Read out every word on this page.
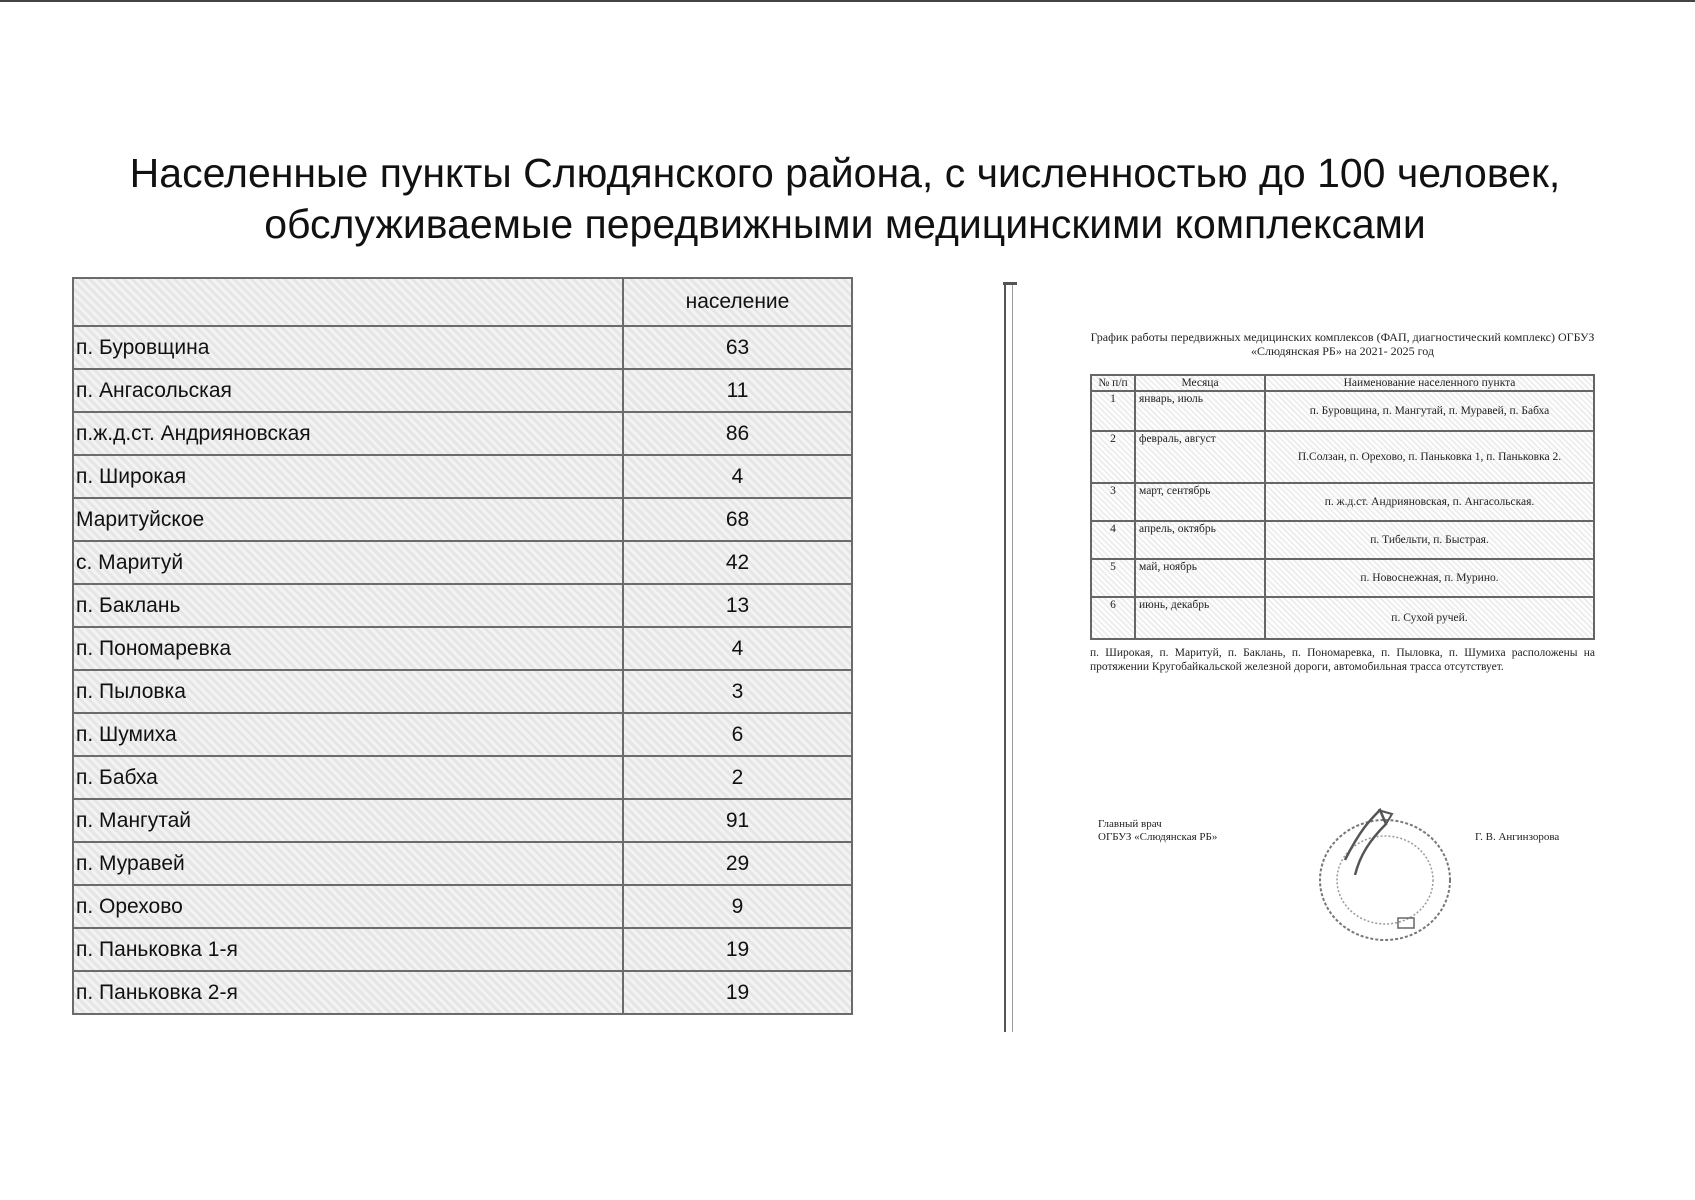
Населенные пункты Слюдянского района, с численностью до 100 человек, обслуживаемые передвижными медицинскими комплексами
	население
п. Буровщина	63
п. Ангасольская	11
п.ж.д.ст. Андрияновская	86
п. Широкая	4
Маритуйское	68
с. Маритуй	42
п. Баклань	13
п. Пономаревка	4
п. Пыловка	3
п. Шумиха	6
п. Бабха	2
п. Мангутай	91
п. Муравей	29
п. Орехово	9
п. Паньковка 1-я	19
п. Паньковка 2-я	19
График работы передвижных медицинских комплексов (ФАП, диагностический комплекс) ОГБУЗ «Слюдянская РБ» на 2021- 2025 год

№ п/п	Месяца	Наименование населенного пункта
1	январь, июль	п. Буровщина, п. Мангутай, п. Муравей, п. Бабха
2	февраль, август	П.Солзан, п. Орехово, п. Паньковка 1, п. Паньковка 2.
3	март, сентябрь	п. ж.д.ст. Андрияновская, п. Ангасольская.
4	апрель, октябрь	п. Тибельти, п. Быстрая.
5	май, ноябрь	п. Новоснежная, п. Мурино.
6	июнь, декабрь	п. Сухой ручей.
п. Широкая, п. Маритуй, п. Баклань, п. Пономаревка, п. Пыловка, п. Шумиха расположены на протяжении Кругобайкальской железной дороги, автомобильная трасса отсутствует.
Главный врач
ОГБУЗ «Слюдянская РБ»	Г. В. Ангинзорова
